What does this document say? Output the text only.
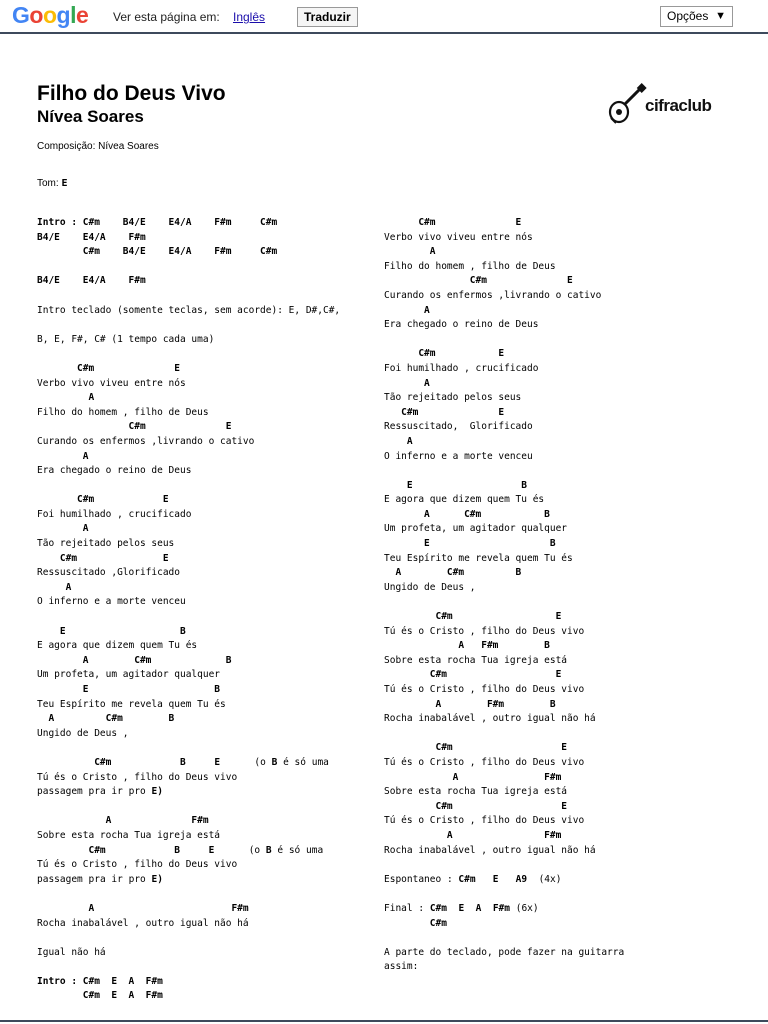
Google Ver esta página em: Inglês	Traduzir	Opções ▼
Filho do Deus Vivo
Nívea Soares
Composição: Nívea Soares
Tom: E
cifraclub
Intro : C#m    B4/E    E4/A    F#m     C#m
B4/E    E4/A    F#m
C#m    B4/E    E4/A    F#m     C#m

B4/E    E4/A    F#m

Intro teclado (somente teclas, sem acorde): E, D#,C#,

B, E, F#, C# (1 tempo cada uma)

C#m              E
Verbo vivo viveu entre nós
A
Filho do homem , filho de Deus
C#m              E
Curando os enfermos ,livrando o cativo
A
Era chegado o reino de Deus

C#m            E
Foi humilhado , crucificado
A
Tão rejeitado pelos seus
C#m               E
Ressuscitado ,Glorificado
A
O inferno e a morte venceu

E                    B
E agora que dizem quem Tu és
A        C#m             B
Um profeta, um agitador qualquer
E                      B
Teu Espírito me revela quem Tu és
A         C#m        B
Ungido de Deus ,

C#m	B	E	(o B é só uma
Tú és o Cristo , filho do Deus vivo
passagem pra ir pro E)

A              F#m
Sobre esta rocha Tua igreja está
C#m	B	E	(o B é só uma
Tú és o Cristo , filho do Deus vivo
passagem pra ir pro E)

A                        F#m
Rocha inabalável , outro igual não há

Igual não há

Intro : C#m  E  A  F#m
C#m  E  A  F#m
C#m              E
Verbo vivo viveu entre nós
A
Filho do homem , filho de Deus
C#m              E
Curando os enfermos ,livrando o cativo
A
Era chegado o reino de Deus

C#m           E
Foi humilhado , crucificado
A
Tão rejeitado pelos seus
C#m              E
Ressuscitado,  Glorificado
A
O inferno e a morte venceu

E                   B
E agora que dizem quem Tu és
A      C#m           B
Um profeta, um agitador qualquer
E                     B
Teu Espírito me revela quem Tu és
A        C#m         B
Ungido de Deus ,

C#m                  E
Tú és o Cristo , filho do Deus vivo
A   F#m        B
Sobre esta rocha Tua igreja está
C#m                   E
Tú és o Cristo , filho do Deus vivo
A        F#m        B
Rocha inabalável , outro igual não há

C#m                   E
Tú és o Cristo , filho do Deus vivo
A               F#m
Sobre esta rocha Tua igreja está
C#m                   E
Tú és o Cristo , filho do Deus vivo
A                F#m
Rocha inabalável , outro igual não há

Espontaneo : C#m E A9 (4x)

Final : C#m E A F#m (6x)
C#m

A parte do teclado, pode fazer na guitarra
assim:
